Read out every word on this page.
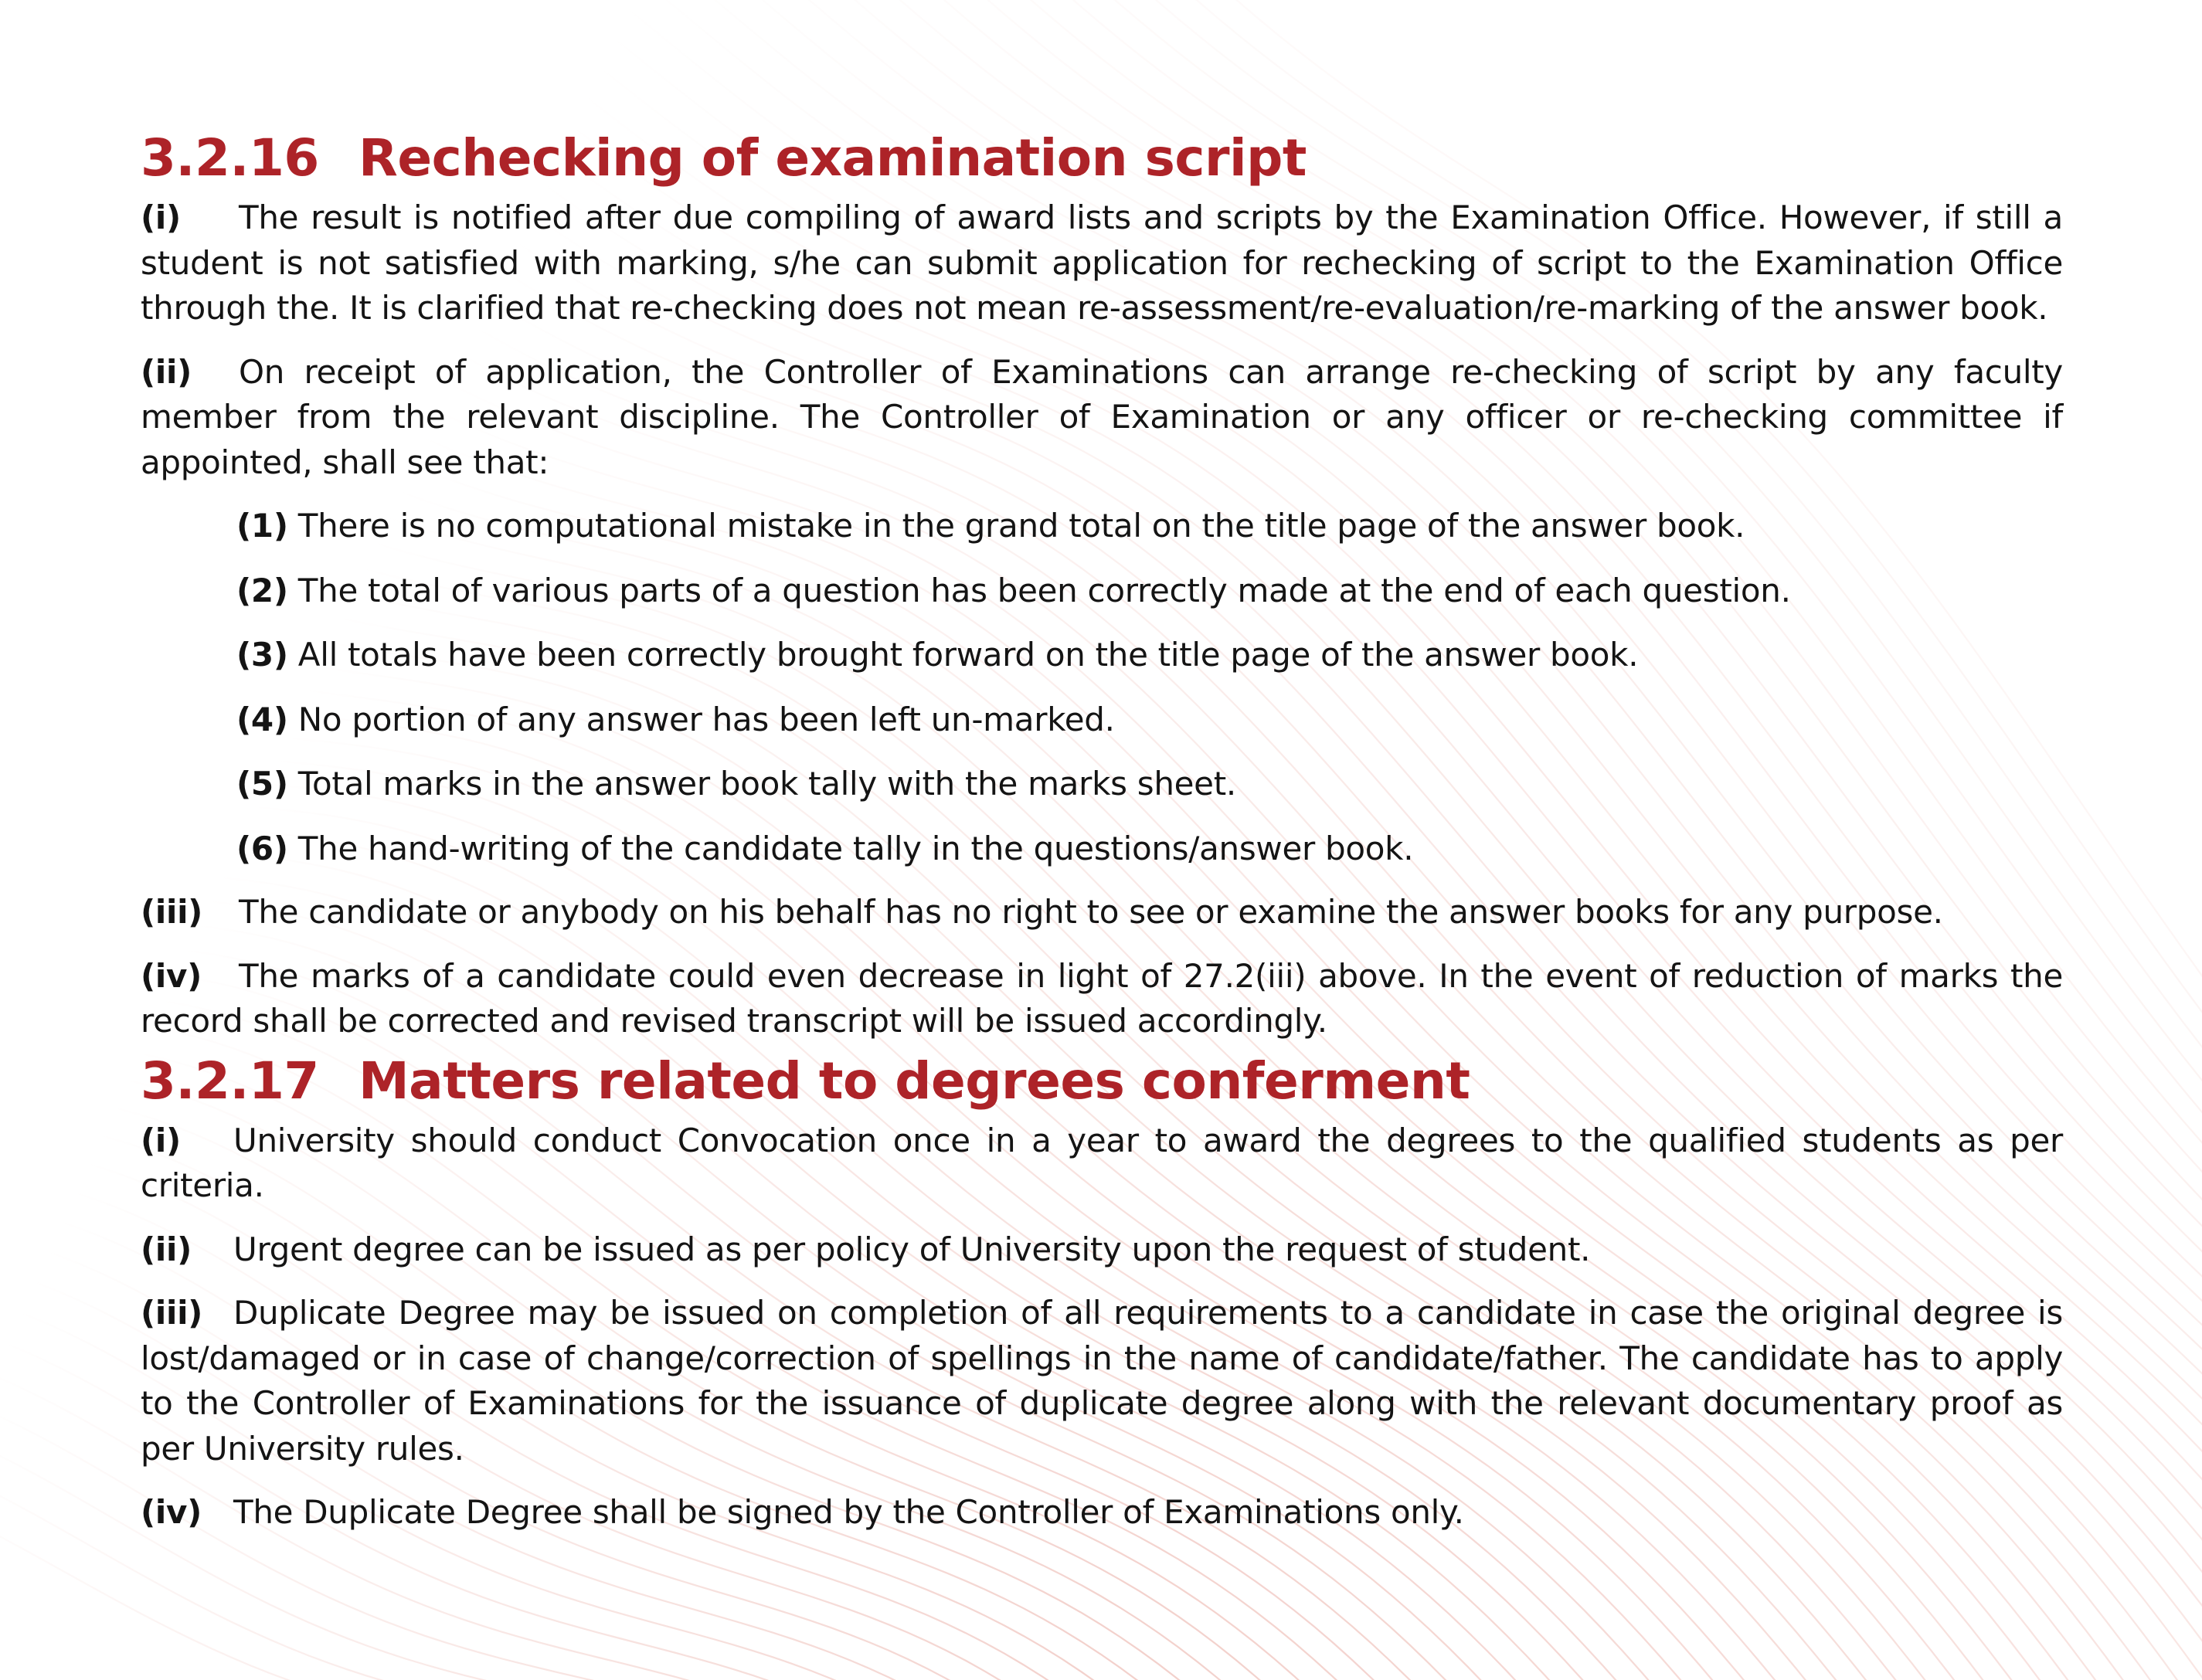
3.2.16 Rechecking of examination script

(i) The result is notified after due compiling of award lists and scripts by the Examination Office. However, if still a student is not satisfied with marking, s/he can submit application for rechecking of script to the Examination Office through the. It is clarified that re-checking does not mean re-assessment/re-evaluation/re-marking of the answer book.

(ii) On receipt of application, the Controller of Examinations can arrange re-checking of script by any faculty member from the relevant discipline. The Controller of Examination or any officer or re-checking committee if appointed, shall see that:

(1) There is no computational mistake in the grand total on the title page of the answer book.
(2) The total of various parts of a question has been correctly made at the end of each question.
(3) All totals have been correctly brought forward on the title page of the answer book.
(4) No portion of any answer has been left un-marked.
(5) Total marks in the answer book tally with the marks sheet.
(6) The hand-writing of the candidate tally in the questions/answer book.

(iii) The candidate or anybody on his behalf has no right to see or examine the answer books for any purpose.

(iv) The marks of a candidate could even decrease in light of 27.2(iii) above. In the event of reduction of marks the record shall be corrected and revised transcript will be issued accordingly.

3.2.17 Matters related to degrees conferment

(i) University should conduct Convocation once in a year to award the degrees to the qualified students as per criteria.

(ii) Urgent degree can be issued as per policy of University upon the request of student.

(iii) Duplicate Degree may be issued on completion of all requirements to a candidate in case the original degree is lost/damaged or in case of change/correction of spellings in the name of candidate/father. The candidate has to apply to the Controller of Examinations for the issuance of duplicate degree along with the relevant documentary proof as per University rules.

(iv) The Duplicate Degree shall be signed by the Controller of Examinations only.
